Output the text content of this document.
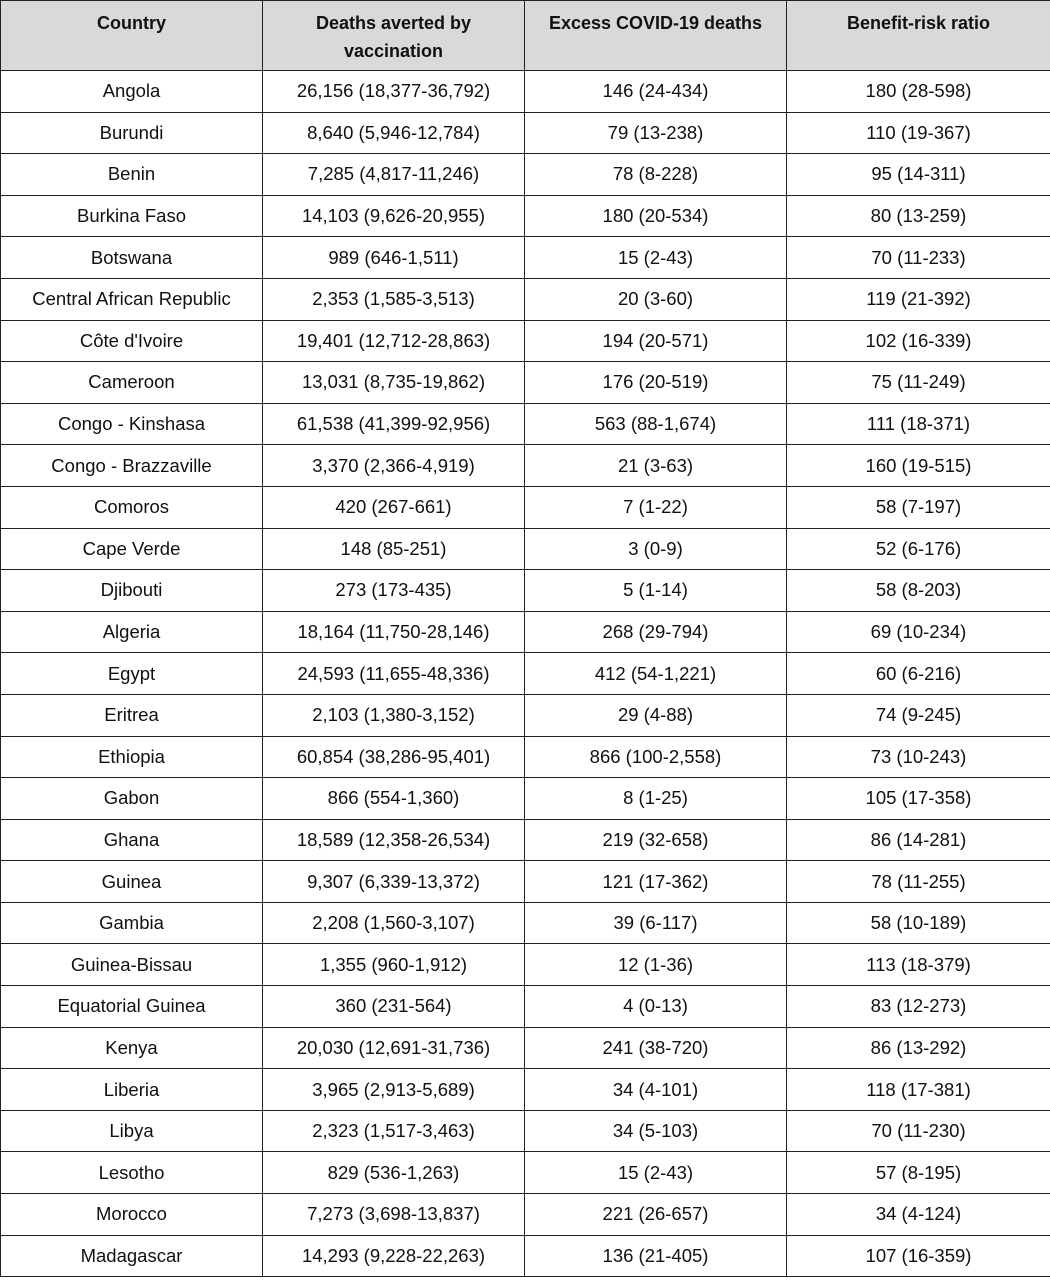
Country	Deaths averted by vaccination	Excess COVID-19 deaths	Benefit-risk ratio
Angola	26,156 (18,377-36,792)	146 (24-434)	180 (28-598)
Burundi	8,640 (5,946-12,784)	79 (13-238)	110 (19-367)
Benin	7,285 (4,817-11,246)	78 (8-228)	95 (14-311)
Burkina Faso	14,103 (9,626-20,955)	180 (20-534)	80 (13-259)
Botswana	989 (646-1,511)	15 (2-43)	70 (11-233)
Central African Republic	2,353 (1,585-3,513)	20 (3-60)	119 (21-392)
Côte d'Ivoire	19,401 (12,712-28,863)	194 (20-571)	102 (16-339)
Cameroon	13,031 (8,735-19,862)	176 (20-519)	75 (11-249)
Congo - Kinshasa	61,538 (41,399-92,956)	563 (88-1,674)	111 (18-371)
Congo - Brazzaville	3,370 (2,366-4,919)	21 (3-63)	160 (19-515)
Comoros	420 (267-661)	7 (1-22)	58 (7-197)
Cape Verde	148 (85-251)	3 (0-9)	52 (6-176)
Djibouti	273 (173-435)	5 (1-14)	58 (8-203)
Algeria	18,164 (11,750-28,146)	268 (29-794)	69 (10-234)
Egypt	24,593 (11,655-48,336)	412 (54-1,221)	60 (6-216)
Eritrea	2,103 (1,380-3,152)	29 (4-88)	74 (9-245)
Ethiopia	60,854 (38,286-95,401)	866 (100-2,558)	73 (10-243)
Gabon	866 (554-1,360)	8 (1-25)	105 (17-358)
Ghana	18,589 (12,358-26,534)	219 (32-658)	86 (14-281)
Guinea	9,307 (6,339-13,372)	121 (17-362)	78 (11-255)
Gambia	2,208 (1,560-3,107)	39 (6-117)	58 (10-189)
Guinea-Bissau	1,355 (960-1,912)	12 (1-36)	113 (18-379)
Equatorial Guinea	360 (231-564)	4 (0-13)	83 (12-273)
Kenya	20,030 (12,691-31,736)	241 (38-720)	86 (13-292)
Liberia	3,965 (2,913-5,689)	34 (4-101)	118 (17-381)
Libya	2,323 (1,517-3,463)	34 (5-103)	70 (11-230)
Lesotho	829 (536-1,263)	15 (2-43)	57 (8-195)
Morocco	7,273 (3,698-13,837)	221 (26-657)	34 (4-124)
Madagascar	14,293 (9,228-22,263)	136 (21-405)	107 (16-359)
